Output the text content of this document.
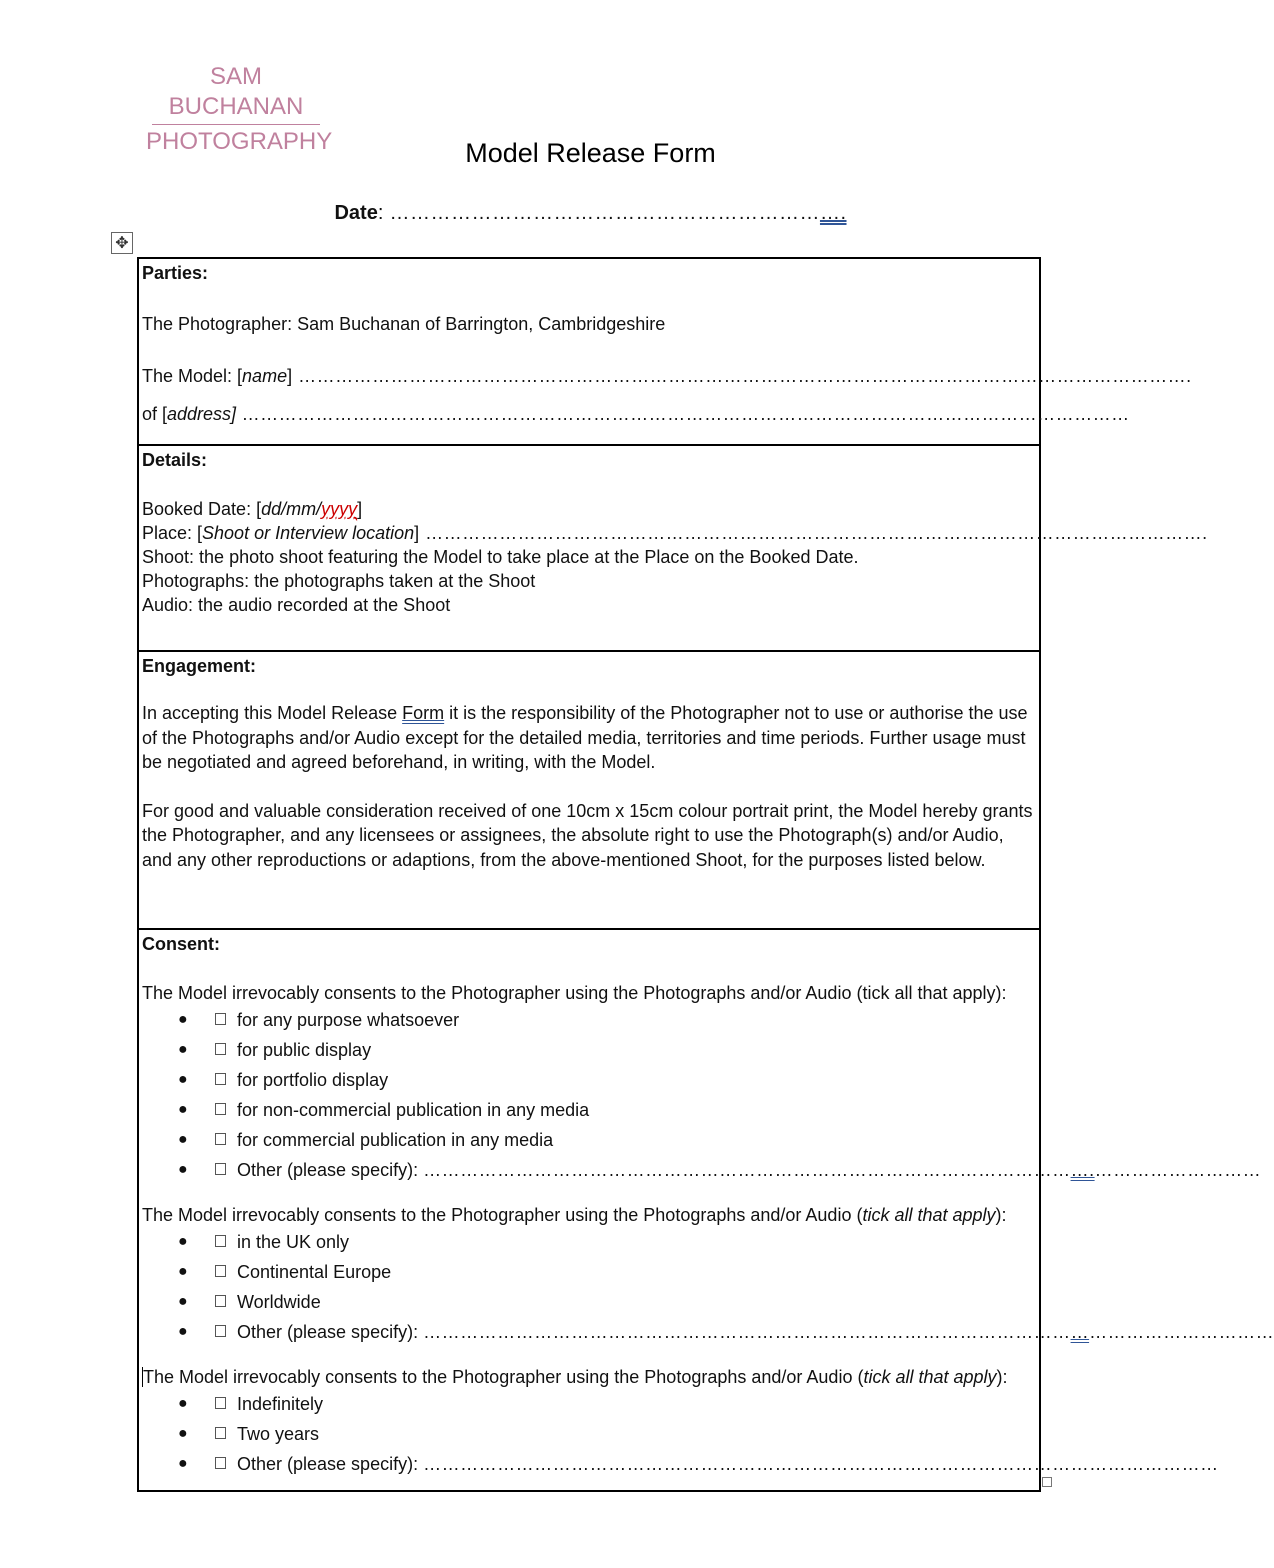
SAM BUCHANAN
PHOTOGRAPHY	Model Release Form
Date: ………………………………………………………….
✥
Parties:
The Photographer: Sam Buchanan of Barrington, Cambridgeshire
The Model: [name] ……………………………………………………………………………………………………………………………….
of [address] ………………………………………………………………………………………………………………………………
Details:
Booked Date: [dd/mm/yyyy]
Place: [Shoot or Interview location] ……………………………………………………………………………………………………………….
Shoot: the photo shoot featuring the Model to take place at the Place on the Booked Date.
Photographs: the photographs taken at the Shoot
Audio: the audio recorded at the Shoot
Engagement:
In accepting this Model Release Form it is the responsibility of the Photographer not to use or authorise the use of the Photographs and/or Audio except for the detailed media, territories and time periods. Further usage must be negotiated and agreed beforehand, in writing, with the Model.
For good and valuable consideration received of one 10cm x 15cm colour portrait print, the Model hereby grants the Photographer, and any licensees or assignees, the absolute right to use the Photograph(s) and/or Audio, and any other reproductions or adaptions, from the above-mentioned Shoot, for the purposes listed below.
Consent:
The Model irrevocably consents to the Photographer using the Photographs and/or Audio (tick all that apply):
●	for any purpose whatsoever
●	for public display
●	for portfolio display
●	for non-commercial publication in any media
●	for commercial publication in any media
●	Other (please specify): ……………………………………………………………………………………………….………………………
The Model irrevocably consents to the Photographer using the Photographs and/or Audio (tick all that apply):
●	in the UK only
●	Continental Europe
●	Worldwide
●	Other (please specify): …………………………………………………………………………………………………………………………
The Model irrevocably consents to the Photographer using the Photographs and/or Audio (tick all that apply):
●	Indefinitely
●	Two years
●	Other (please specify): …………………………………………………………………………………………………………………
